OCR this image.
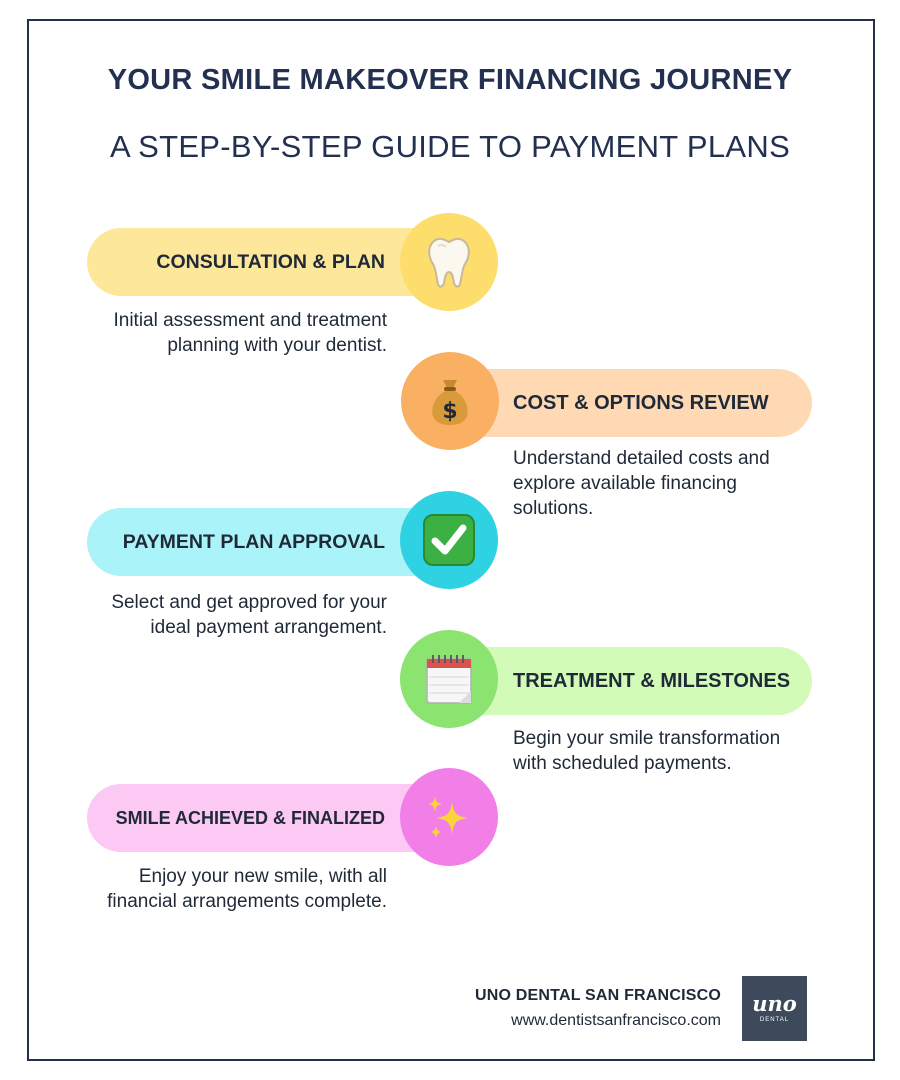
YOUR SMILE MAKEOVER FINANCING JOURNEY
A STEP-BY-STEP GUIDE TO PAYMENT PLANS
CONSULTATION & PLAN
Initial assessment and treatment planning with your dentist.
COST & OPTIONS REVIEW
$
Understand detailed costs and explore available financing solutions.
PAYMENT PLAN APPROVAL
Select and get approved for your ideal payment arrangement.
TREATMENT & MILESTONES
Begin your smile transformation with scheduled payments.
SMILE ACHIEVED & FINALIZED
Enjoy your new smile, with all financial arrangements complete.
UNO DENTAL SAN FRANCISCO
www.dentistsanfrancisco.com
uno
DENTAL
